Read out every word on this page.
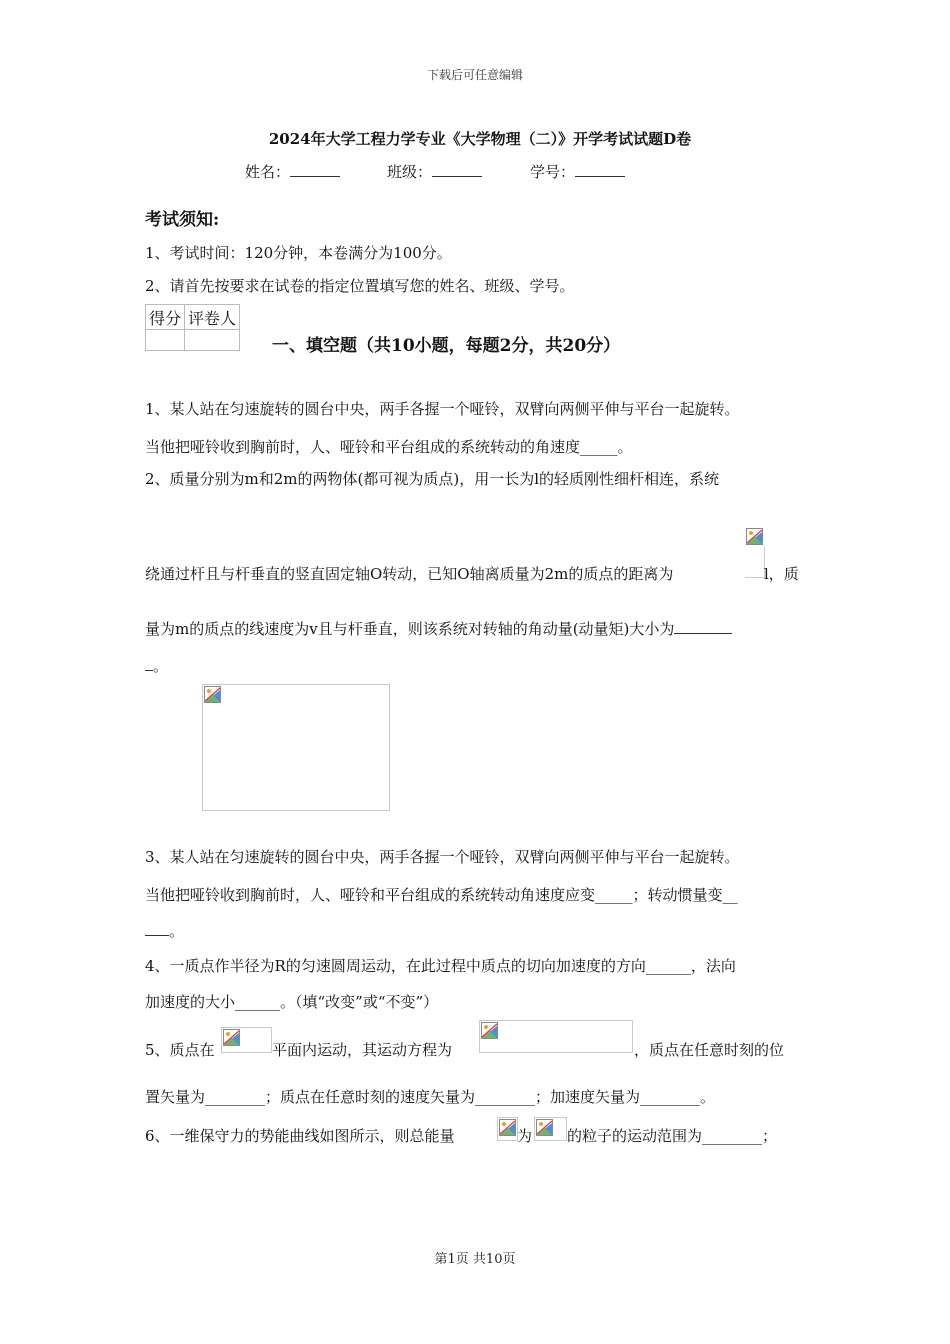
下载后可任意编辑
2024年大学工程力学专业《大学物理（二）》开学考试试题D卷
姓名：	班级：	学号：
考试须知:
1、考试时间：120分钟，本卷满分为100分。
2、请首先按要求在试卷的指定位置填写您的姓名、班级、学号。
得分	评卷人

一、填空题（共10小题，每题2分，共20分）
1、某人站在匀速旋转的圆台中央，两手各握一个哑铃，双臂向两侧平伸与平台一起旋转。
当他把哑铃收到胸前时，人、哑铃和平台组成的系统转动的角速度_____。
2、质量分别为m和2m的两物体(都可视为质点)，用一长为l的轻质刚性细杆相连，系统
绕通过杆且与杆垂直的竖直固定轴O转动，已知O轴离质量为2m的质点的距离为	l，质
量为m的质点的线速度为v且与杆垂直，则该系统对转轴的角动量(动量矩)大小为
。
3、某人站在匀速旋转的圆台中央，两手各握一个哑铃，双臂向两侧平伸与平台一起旋转。
当他把哑铃收到胸前时，人、哑铃和平台组成的系统转动角速度应变_____；转动惯量变__
。
4、一质点作半径为R的匀速圆周运动，在此过程中质点的切向加速度的方向______，法向
加速度的大小______。（填“改变”或“不变”）
5、质点在	平面内运动，其运动方程为	，质点在任意时刻的位
置矢量为________；质点在任意时刻的速度矢量为________；加速度矢量为________。
6、一维保守力的势能曲线如图所示，则总能量	为 的粒子的运动范围为________；
第1页 共10页
